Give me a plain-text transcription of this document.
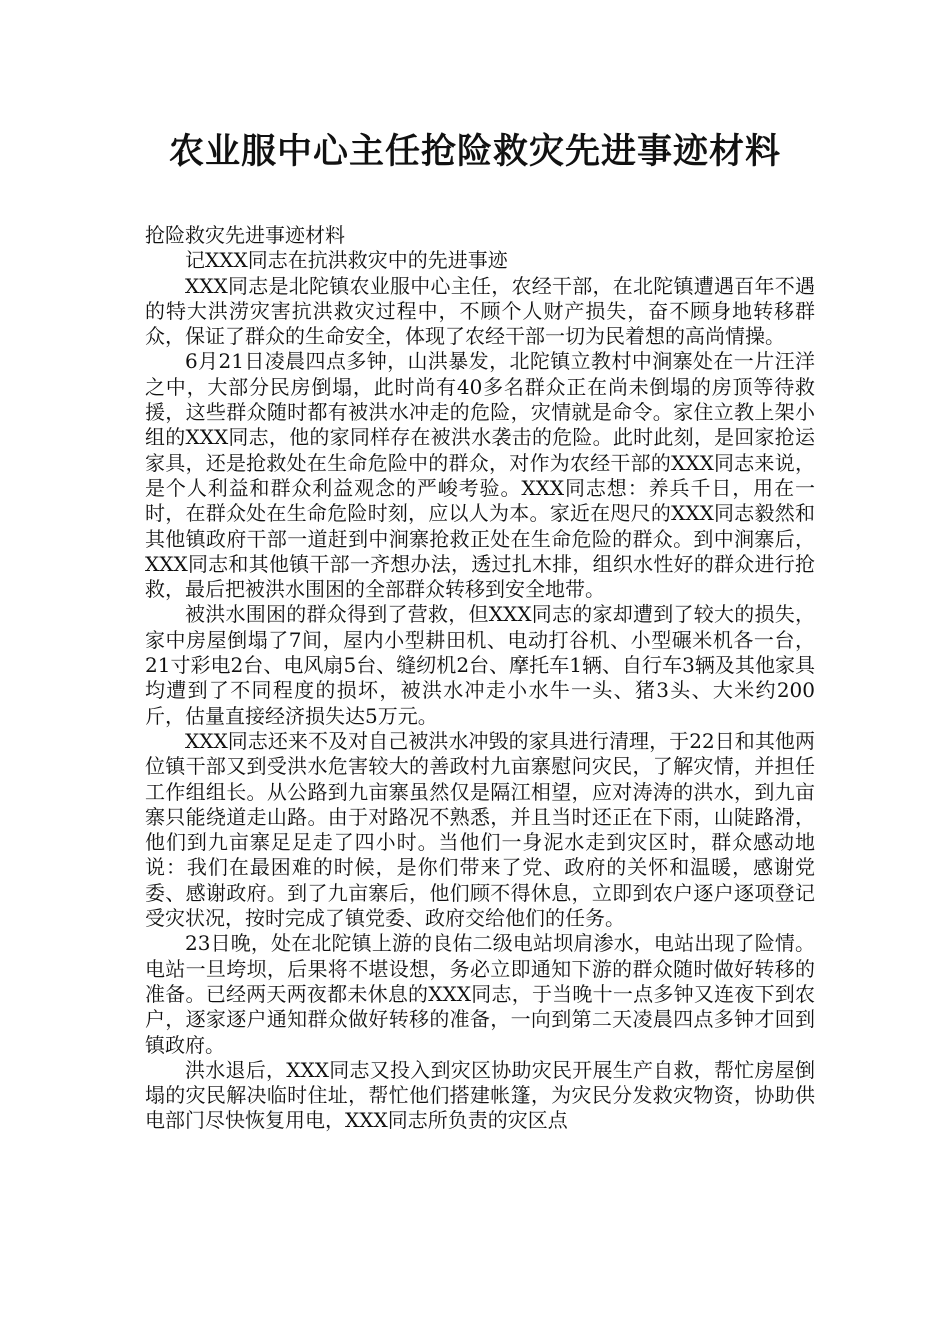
农业服中心主任抢险救灾先进事迹材料

抢险救灾先进事迹材料

记XXX同志在抗洪救灾中的先进事迹

XXX同志是北陀镇农业服中心主任，农经干部，在北陀镇遭遇百年不遇的特大洪涝灾害抗洪救灾过程中，不顾个人财产损失，奋不顾身地转移群众，保证了群众的生命安全，体现了农经干部一切为民着想的高尚情操。

6月21日凌晨四点多钟，山洪暴发，北陀镇立教村中涧寨处在一片汪洋之中，大部分民房倒塌，此时尚有40多名群众正在尚未倒塌的房顶等待救援，这些群众随时都有被洪水冲走的危险，灾情就是命令。家住立教上架小组的XXX同志，他的家同样存在被洪水袭击的危险。此时此刻，是回家抢运家具，还是抢救处在生命危险中的群众，对作为农经干部的XXX同志来说，是个人利益和群众利益观念的严峻考验。XXX同志想：养兵千日，用在一时，在群众处在生命危险时刻，应以人为本。家近在咫尺的XXX同志毅然和其他镇政府干部一道赶到中涧寨抢救正处在生命危险的群众。到中涧寨后，XXX同志和其他镇干部一齐想办法，透过扎木排，组织水性好的群众进行抢救，最后把被洪水围困的全部群众转移到安全地带。

被洪水围困的群众得到了营救，但XXX同志的家却遭到了较大的损失，家中房屋倒塌了7间，屋内小型耕田机、电动打谷机、小型碾米机各一台，21寸彩电2台、电风扇5台、缝纫机2台、摩托车1辆、自行车3辆及其他家具均遭到了不同程度的损坏，被洪水冲走小水牛一头、猪3头、大米约200斤，估量直接经济损失达5万元。

XXX同志还来不及对自己被洪水冲毁的家具进行清理，于22日和其他两位镇干部又到受洪水危害较大的善政村九亩寨慰问灾民，了解灾情，并担任工作组组长。从公路到九亩寨虽然仅是隔江相望，应对涛涛的洪水，到九亩寨只能绕道走山路。由于对路况不熟悉，并且当时还正在下雨，山陡路滑，他们到九亩寨足足走了四小时。当他们一身泥水走到灾区时，群众感动地说：我们在最困难的时候，是你们带来了党、政府的关怀和温暖，感谢党委、感谢政府。到了九亩寨后，他们顾不得休息，立即到农户逐户逐项登记受灾状况，按时完成了镇党委、政府交给他们的任务。

23日晚，处在北陀镇上游的良佑二级电站坝肩渗水，电站出现了险情。电站一旦垮坝，后果将不堪设想，务必立即通知下游的群众随时做好转移的准备。已经两天两夜都未休息的XXX同志，于当晚十一点多钟又连夜下到农户，逐家逐户通知群众做好转移的准备，一向到第二天凌晨四点多钟才回到镇政府。

洪水退后，XXX同志又投入到灾区协助灾民开展生产自救，帮忙房屋倒塌的灾民解决临时住址，帮忙他们搭建帐篷，为灾民分发救灾物资，协助供电部门尽快恢复用电，XXX同志所负责的灾区点
